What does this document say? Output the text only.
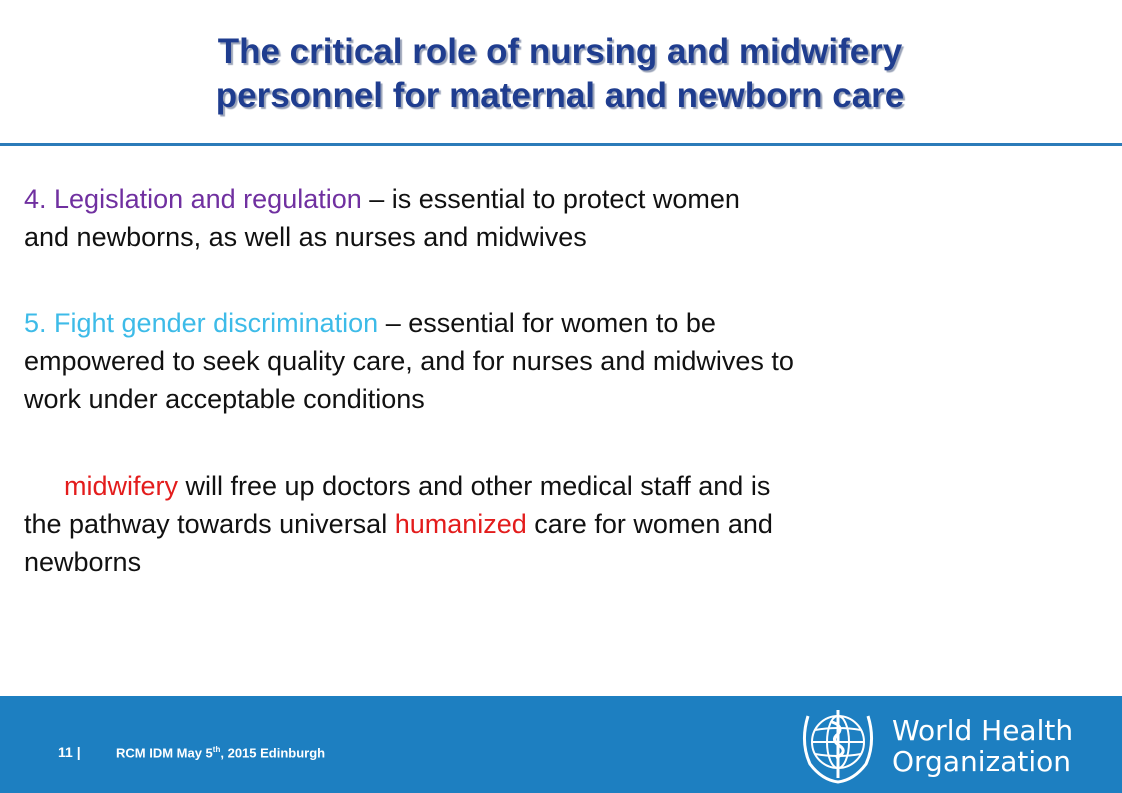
The critical role of nursing and midwifery
personnel for maternal and newborn care
4. Legislation and regulation – is essential to protect women
and newborns, as well as nurses and midwives
5. Fight gender discrimination – essential for women to be
empowered to seek quality care, and for nurses and midwives to
work under acceptable conditions
midwifery will free up doctors and other medical staff and is
the pathway towards universal humanized care for women and
newborns
11 |	RCM IDM May 5th, 2015 Edinburgh
World Health
Organization
